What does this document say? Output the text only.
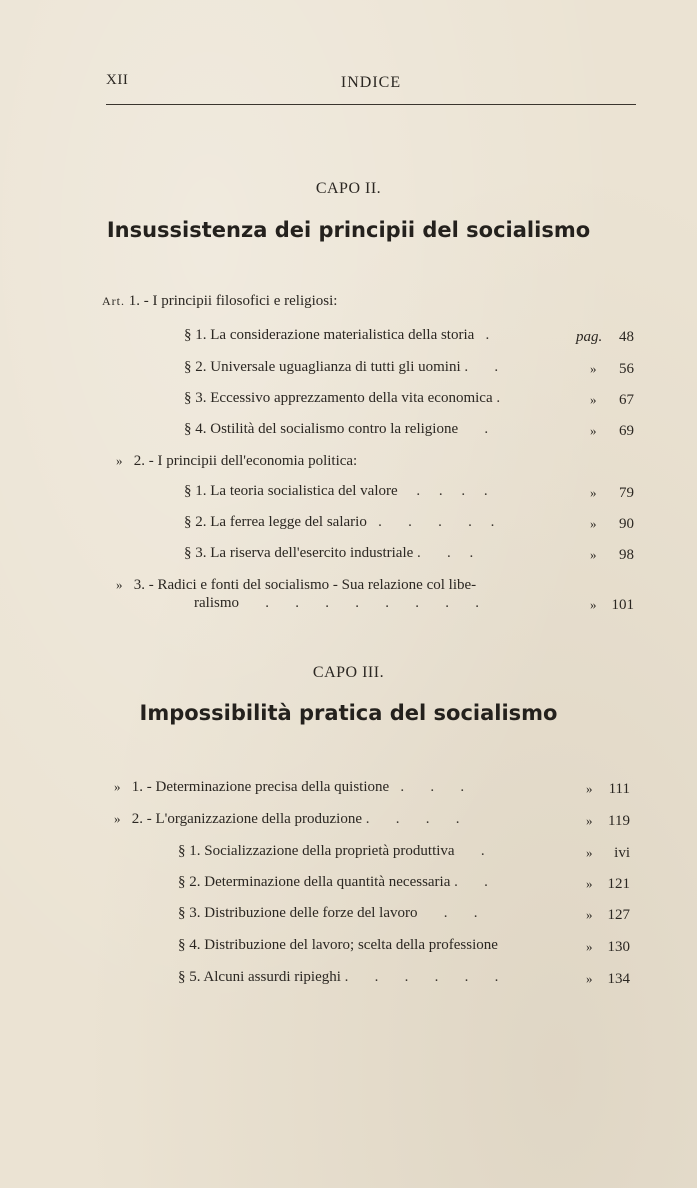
XII	INDICE
CAPO II.
Insussistenza dei principii del socialismo
Art. 1. - I principii filosofici e religiosi:
§ 1. La considerazione materialistica della storia   .	pag.	48
§ 2. Universale uguaglianza di tutti gli uomini .       .	»	56
§ 3. Eccessivo apprezzamento della vita economica .	»	67
§ 4. Ostilità del socialismo contro la religione       .	»	69
» 2. - I principii dell'economia politica:
§ 1. La teoria socialistica del valore     .     .     .     .	»	79
§ 2. La ferrea legge del salario   .       .       .       .     .	»	90
§ 3. La riserva dell'esercito industriale .       .     .	»	98
» 3. - Radici e fonti del socialismo - Sua relazione col libe-
ralismo       .       .       .       .       .       .       .       .	»	101
CAPO III.
Impossibilità pratica del socialismo
» 1. - Determinazione precisa della quistione   .       .       .	»	111
» 2. - L'organizzazione della produzione .       .       .       .	»	119
§ 1. Socializzazione della proprietà produttiva       .	»	ivi
§ 2. Determinazione della quantità necessaria .       .	»	121
§ 3. Distribuzione delle forze del lavoro       .       .	»	127
§ 4. Distribuzione del lavoro; scelta della professione	»	130
§ 5. Alcuni assurdi ripieghi .       .       .       .       .       .	»	134
